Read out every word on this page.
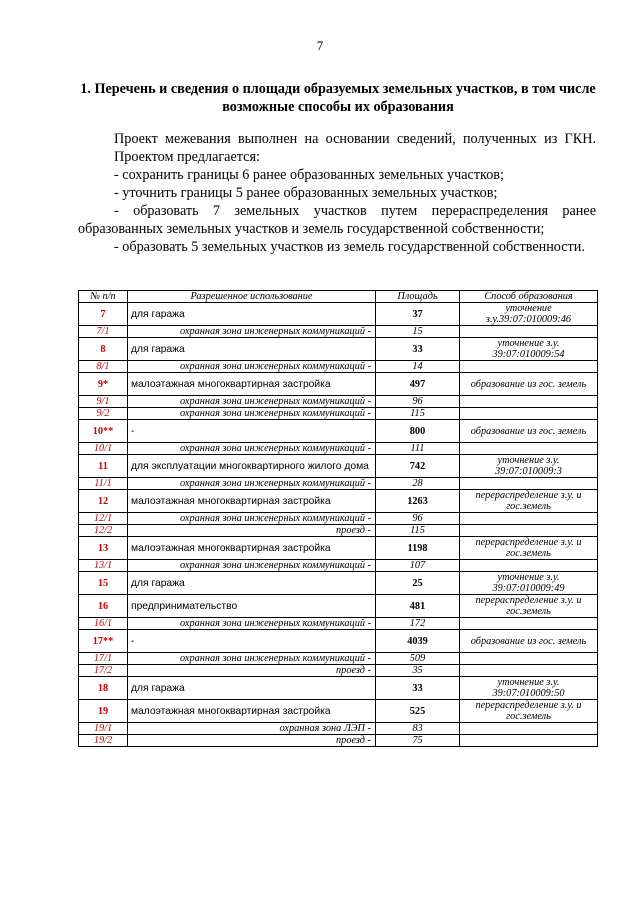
7
1. Перечень и сведения о площади образуемых земельных участков, в том числе возможные способы их образования

Проект межевания выполнен на основании сведений, полученных из ГКН.

Проектом предлагается:

- сохранить границы 6 ранее образованных земельных участков;

- уточнить границы 5 ранее образованных земельных участков;

- образовать 7 земельных участков путем перераспределения ранее образованных земельных участков и земель государственной собственности;

- образовать 5 земельных участков из земель государственной собственности.

№ п/п	Разрешенное использование	Площадь	Способ образования
7	для гаража	37	уточнение з.у.39:07:010009:46
7/1	охранная зона инженерных коммуникаций -	15	
8	для гаража	33	уточнение з.у. 39:07:010009:54
8/1	охранная зона инженерных коммуникаций -	14	
9*	малоэтажная многоквартирная застройка	497	образование из гос. земель
9/1	охранная зона инженерных коммуникаций -	96	
9/2	охранная зона инженерных коммуникаций -	115	
10**	-	800	образование из гос. земель
10/1	охранная зона инженерных коммуникаций -	111	
11	для эксплуатации многоквартирного жилого дома	742	уточнение з.у. 39:07:010009:3
11/1	охранная зона инженерных коммуникаций -	28	
12	малоэтажная многоквартирная застройка	1263	перераспределение з.у. и гос.земель
12/1	охранная зона инженерных коммуникаций -	96	
12/2	проезд -	115	
13	малоэтажная многоквартирная застройка	1198	перераспределение з.у. и гос.земель
13/1	охранная зона инженерных коммуникаций -	107	
15	для гаража	25	уточнение з.у. 39:07:010009:49
16	предпринимательство	481	перераспределение з.у. и гос.земель
16/1	охранная зона инженерных коммуникаций -	172	
17**	-	4039	образование из гос. земель
17/1	охранная зона инженерных коммуникаций -	509	
17/2	проезд -	35	
18	для гаража	33	уточнение з.у. 39:07:010009:50
19	малоэтажная многоквартирная застройка	525	перераспределение з.у. и гос.земель
19/1	охранная зона ЛЭП -	83	
19/2	проезд -	75	
